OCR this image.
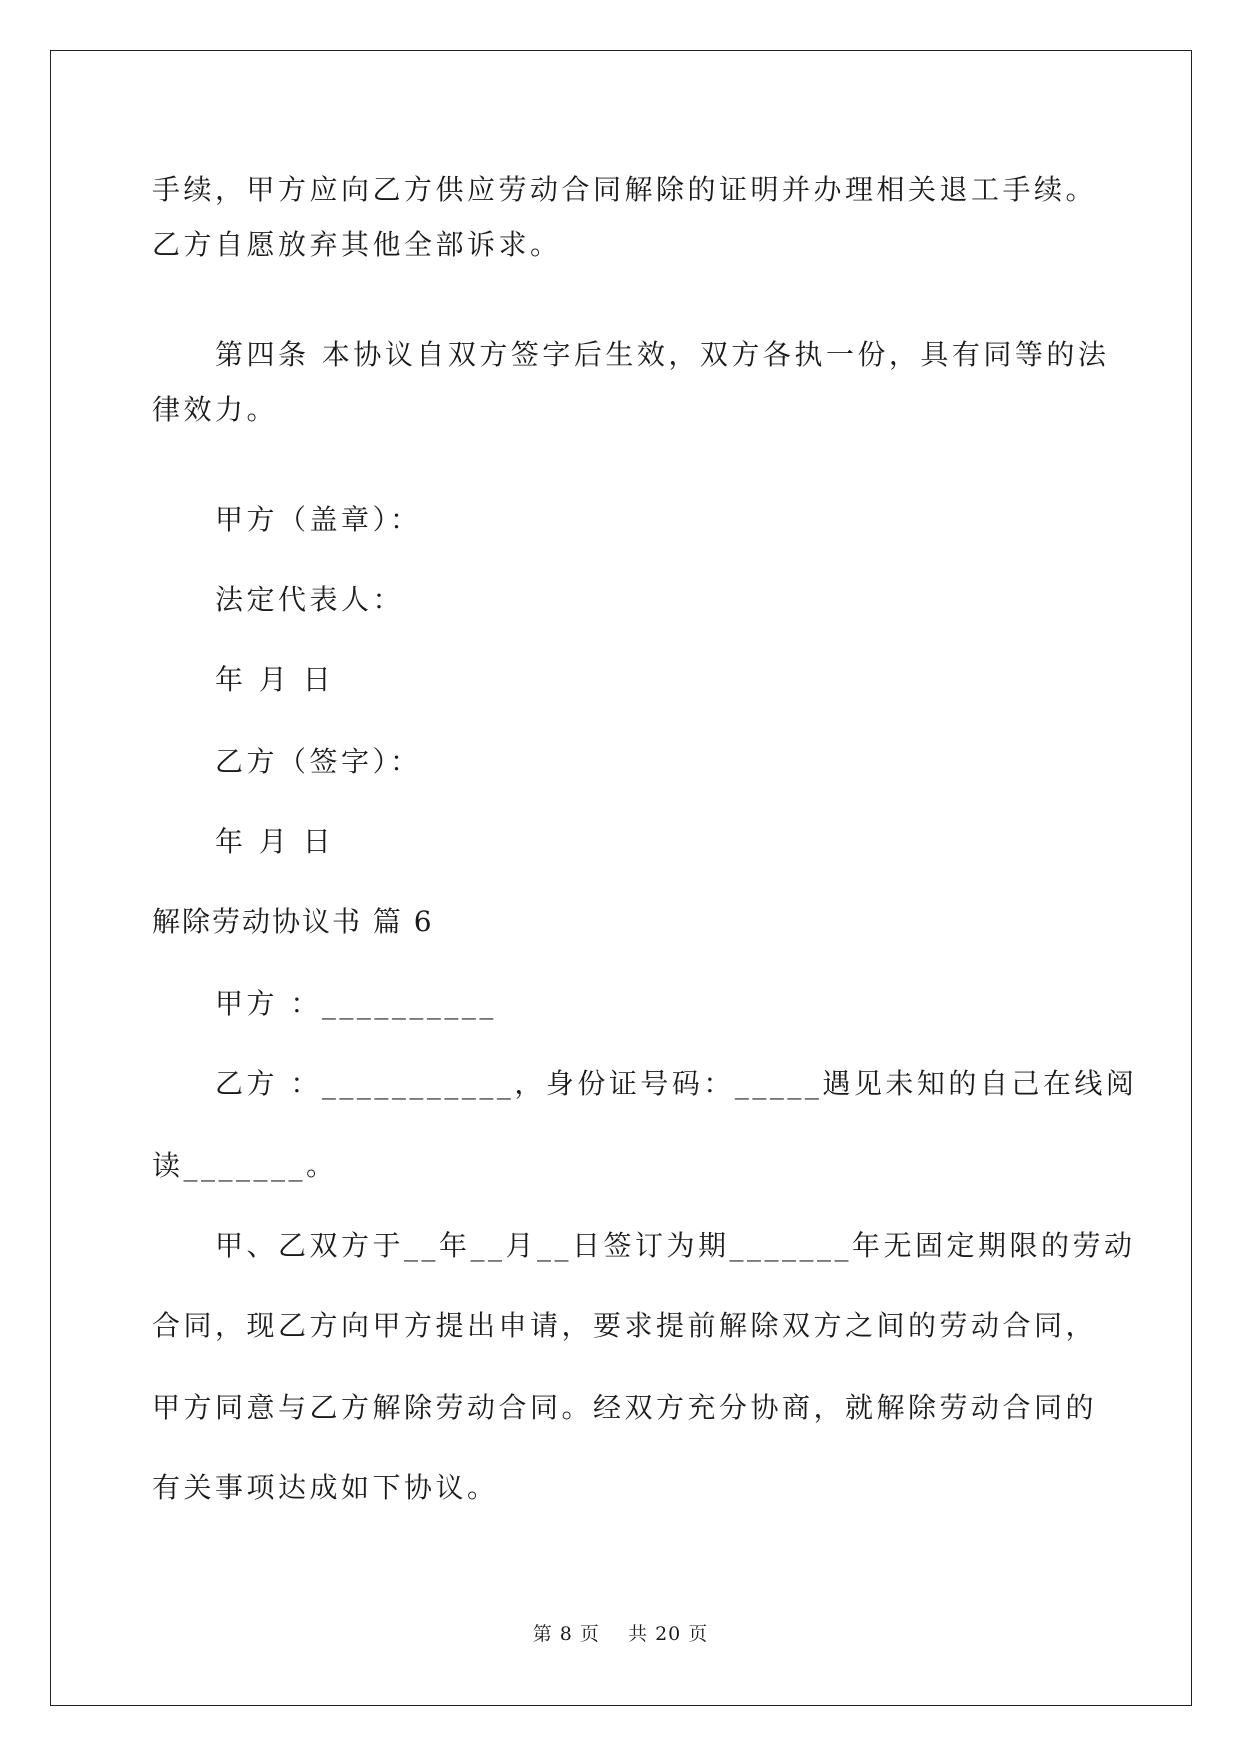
手续，甲方应向乙方供应劳动合同解除的证明并办理相关退工手续。
乙方自愿放弃其他全部诉求。
第四条 本协议自双方签字后生效，双方各执一份，具有同等的法
律效力。
甲方（盖章）：
法定代表人：
年 月 日
乙方（签字）：
年 月 日
解除劳动协议书 篇 6
甲方 ：__________
乙方 ：___________，身份证号码：_____遇见未知的自己在线阅
读_______。
甲、乙双方于__年__月__日签订为期_______年无固定期限的劳动
合同，现乙方向甲方提出申请，要求提前解除双方之间的劳动合同，
甲方同意与乙方解除劳动合同。经双方充分协商，就解除劳动合同的
有关事项达成如下协议。
第 8 页    共 20 页
